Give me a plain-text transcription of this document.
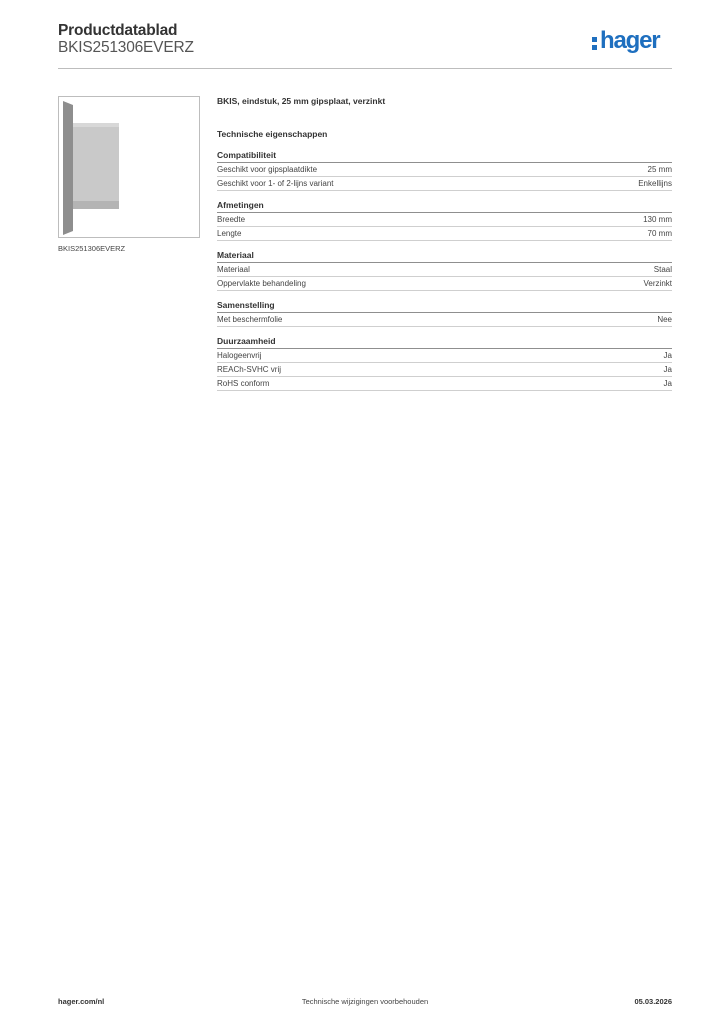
Productdatablad
BKIS251306EVERZ	hager
BKIS251306EVERZ
BKIS, eindstuk, 25 mm gipsplaat, verzinkt
Technische eigenschappen
Compatibiliteit
Geschikt voor gipsplaatdikte	25 mm
Geschikt voor 1- of 2-lijns variant	Enkellijns
Afmetingen
Breedte	130 mm
Lengte	70 mm
Materiaal
Materiaal	Staal
Oppervlakte behandeling	Verzinkt
Samenstelling
Met beschermfolie	Nee
Duurzaamheid
Halogeenvrij	Ja
REACh-SVHC vrij	Ja
RoHS conform	Ja
hager.com/nl	Technische wijzigingen voorbehouden	05.03.2026
